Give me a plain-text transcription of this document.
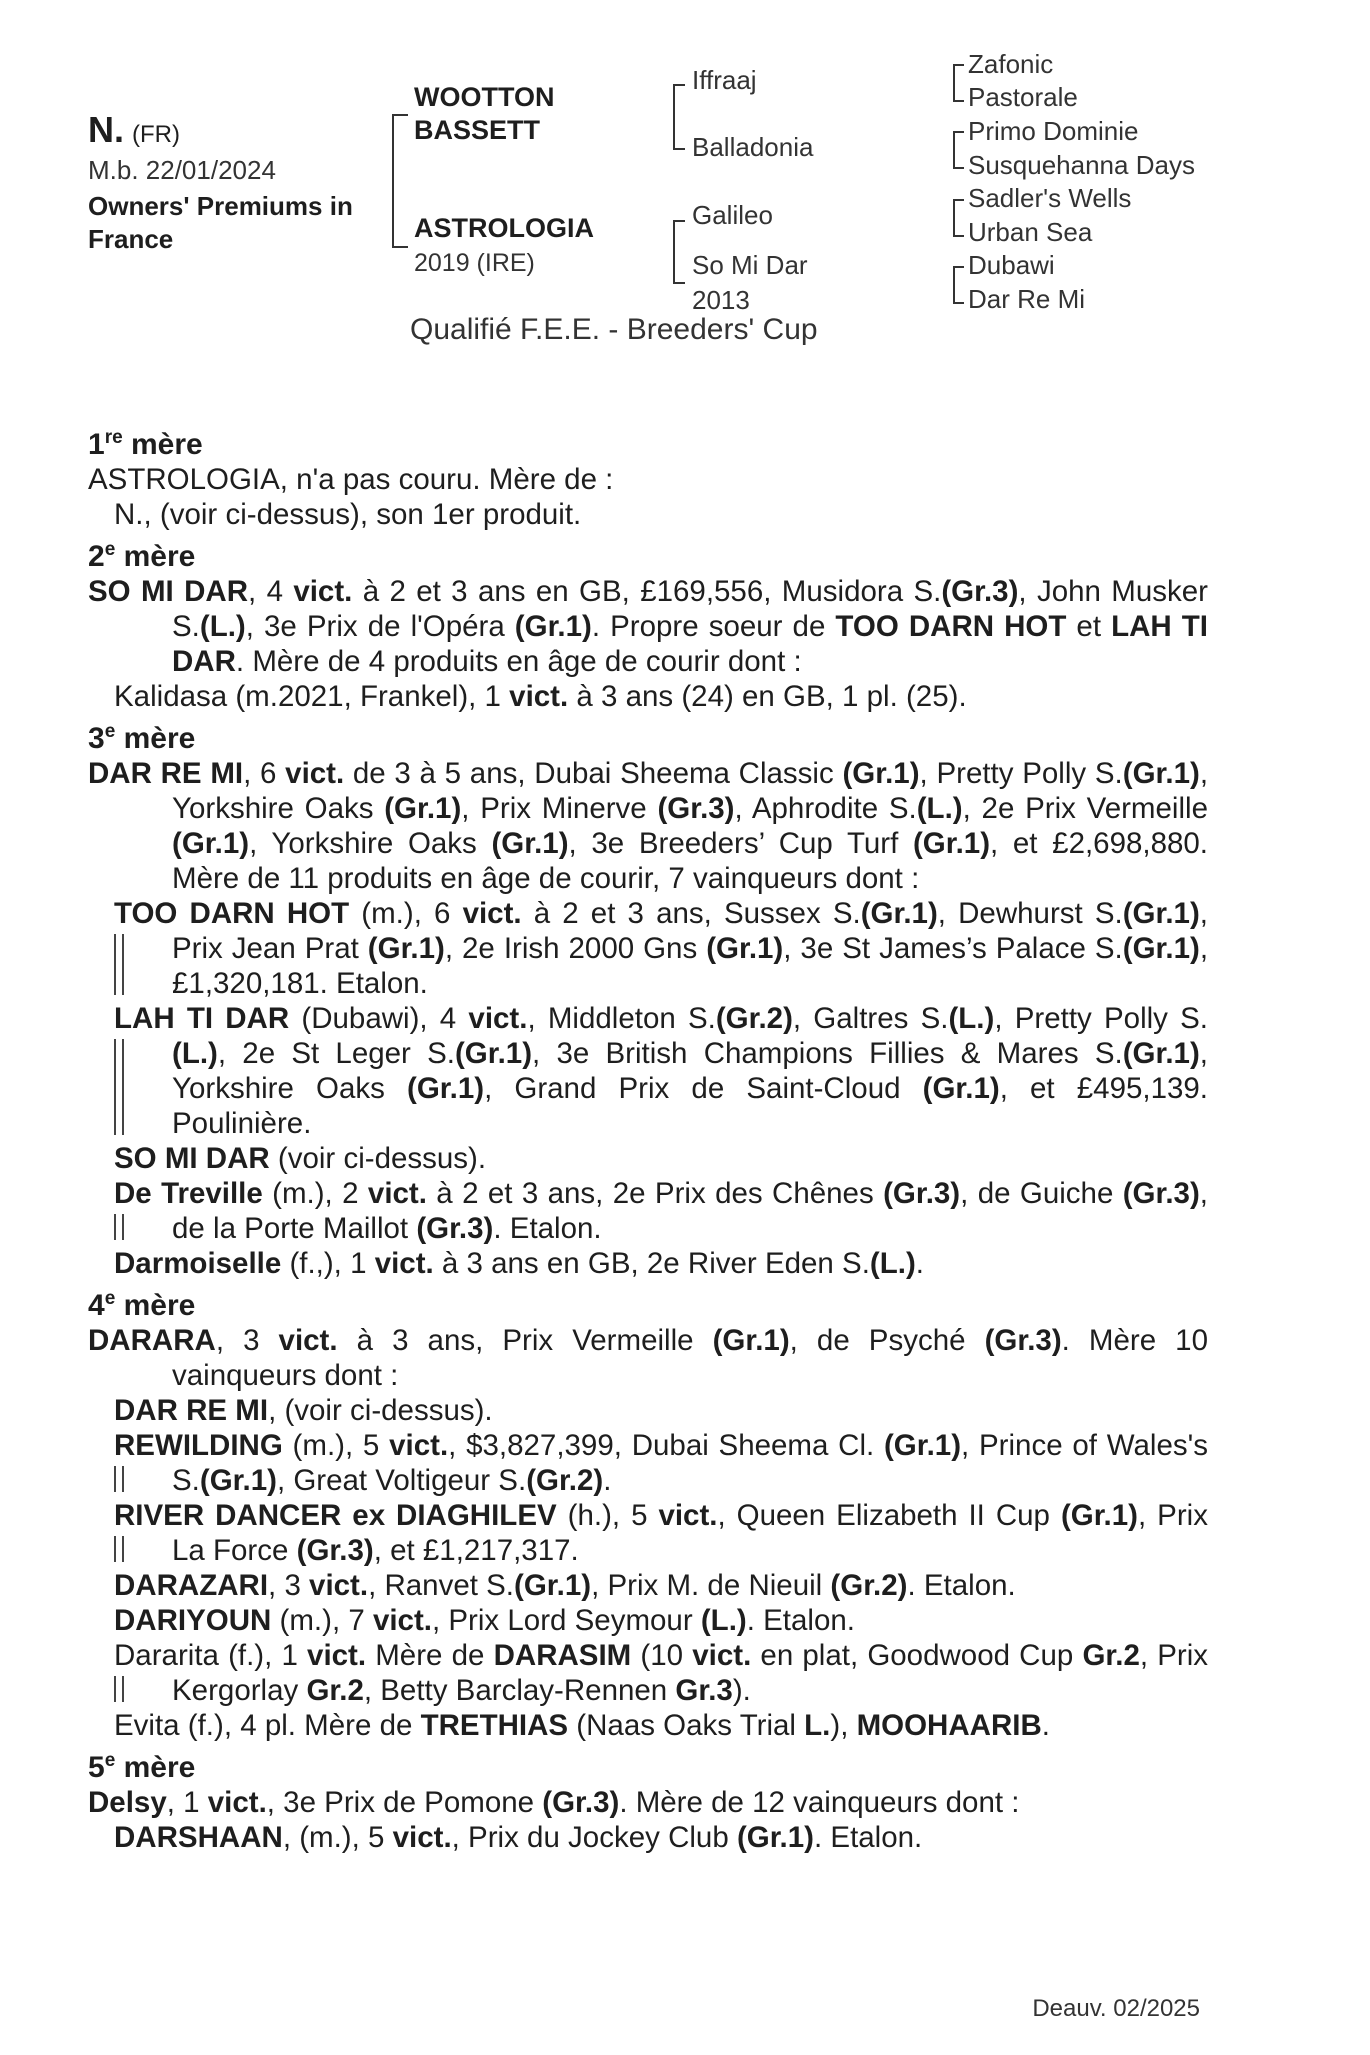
N. (FR)
M.b. 22/01/2024
Owners' Premiums in
France
WOOTTON
BASSETT
ASTROLOGIA
2019 (IRE)
Iffraaj
Balladonia
Galileo
So Mi Dar
2013
Zafonic
Pastorale
Primo Dominie
Susquehanna Days
Sadler's Wells
Urban Sea
Dubawi
Dar Re Mi
Qualifié F.E.E. - Breeders' Cup
1re mère
ASTROLOGIA, n'a pas couru. Mère de :
N., (voir ci-dessus), son 1er produit.
2e mère
SO MI DAR, 4 vict. à 2 et 3 ans en GB, £169,556, Musidora S.(Gr.3), John Musker S.(L.), 3e Prix de l'Opéra (Gr.1). Propre soeur de TOO DARN HOT et LAH TI DAR. Mère de 4 produits en âge de courir dont :
Kalidasa (m.2021, Frankel), 1 vict. à 3 ans (24) en GB, 1 pl. (25).
3e mère
DAR RE MI, 6 vict. de 3 à 5 ans, Dubai Sheema Classic (Gr.1), Pretty Polly S.(Gr.1), Yorkshire Oaks (Gr.1), Prix Minerve (Gr.3), Aphrodite S.(L.), 2e Prix Vermeille (Gr.1), Yorkshire Oaks (Gr.1), 3e Breeders’ Cup Turf (Gr.1), et £2,698,880. Mère de 11 produits en âge de courir, 7 vainqueurs dont :
TOO DARN HOT (m.), 6 vict. à 2 et 3 ans, Sussex S.(Gr.1), Dewhurst S.(Gr.1), Prix Jean Prat (Gr.1), 2e Irish 2000 Gns (Gr.1), 3e St James’s Palace S.(Gr.1), £1,320,181. Etalon.
LAH TI DAR (Dubawi), 4 vict., Middleton S.(Gr.2), Galtres S.(L.), Pretty Polly S.(L.), 2e St Leger S.(Gr.1), 3e British Champions Fillies & Mares S.(Gr.1), Yorkshire Oaks (Gr.1), Grand Prix de Saint-Cloud (Gr.1), et £495,139. Poulinière.
SO MI DAR (voir ci-dessus).
De Treville (m.), 2 vict. à 2 et 3 ans, 2e Prix des Chênes (Gr.3), de Guiche (Gr.3), de la Porte Maillot (Gr.3). Etalon.
Darmoiselle (f.,), 1 vict. à 3 ans en GB, 2e River Eden S.(L.).
4e mère
DARARA, 3 vict. à 3 ans, Prix Vermeille (Gr.1), de Psyché (Gr.3). Mère 10 vainqueurs dont :
DAR RE MI, (voir ci-dessus).
REWILDING (m.), 5 vict., $3,827,399, Dubai Sheema Cl. (Gr.1), Prince of Wales's S.(Gr.1), Great Voltigeur S.(Gr.2).
RIVER DANCER ex DIAGHILEV (h.), 5 vict., Queen Elizabeth II Cup (Gr.1), Prix La Force (Gr.3), et £1,217,317.
DARAZARI, 3 vict., Ranvet S.(Gr.1), Prix M. de Nieuil (Gr.2). Etalon.
DARIYOUN (m.), 7 vict., Prix Lord Seymour (L.). Etalon.
Dararita (f.), 1 vict. Mère de DARASIM (10 vict. en plat, Goodwood Cup Gr.2, Prix Kergorlay Gr.2, Betty Barclay-Rennen Gr.3).
Evita (f.), 4 pl. Mère de TRETHIAS (Naas Oaks Trial L.), MOOHAARIB.
5e mère
Delsy, 1 vict., 3e Prix de Pomone (Gr.3). Mère de 12 vainqueurs dont :
DARSHAAN, (m.), 5 vict., Prix du Jockey Club (Gr.1). Etalon.
Deauv. 02/2025
